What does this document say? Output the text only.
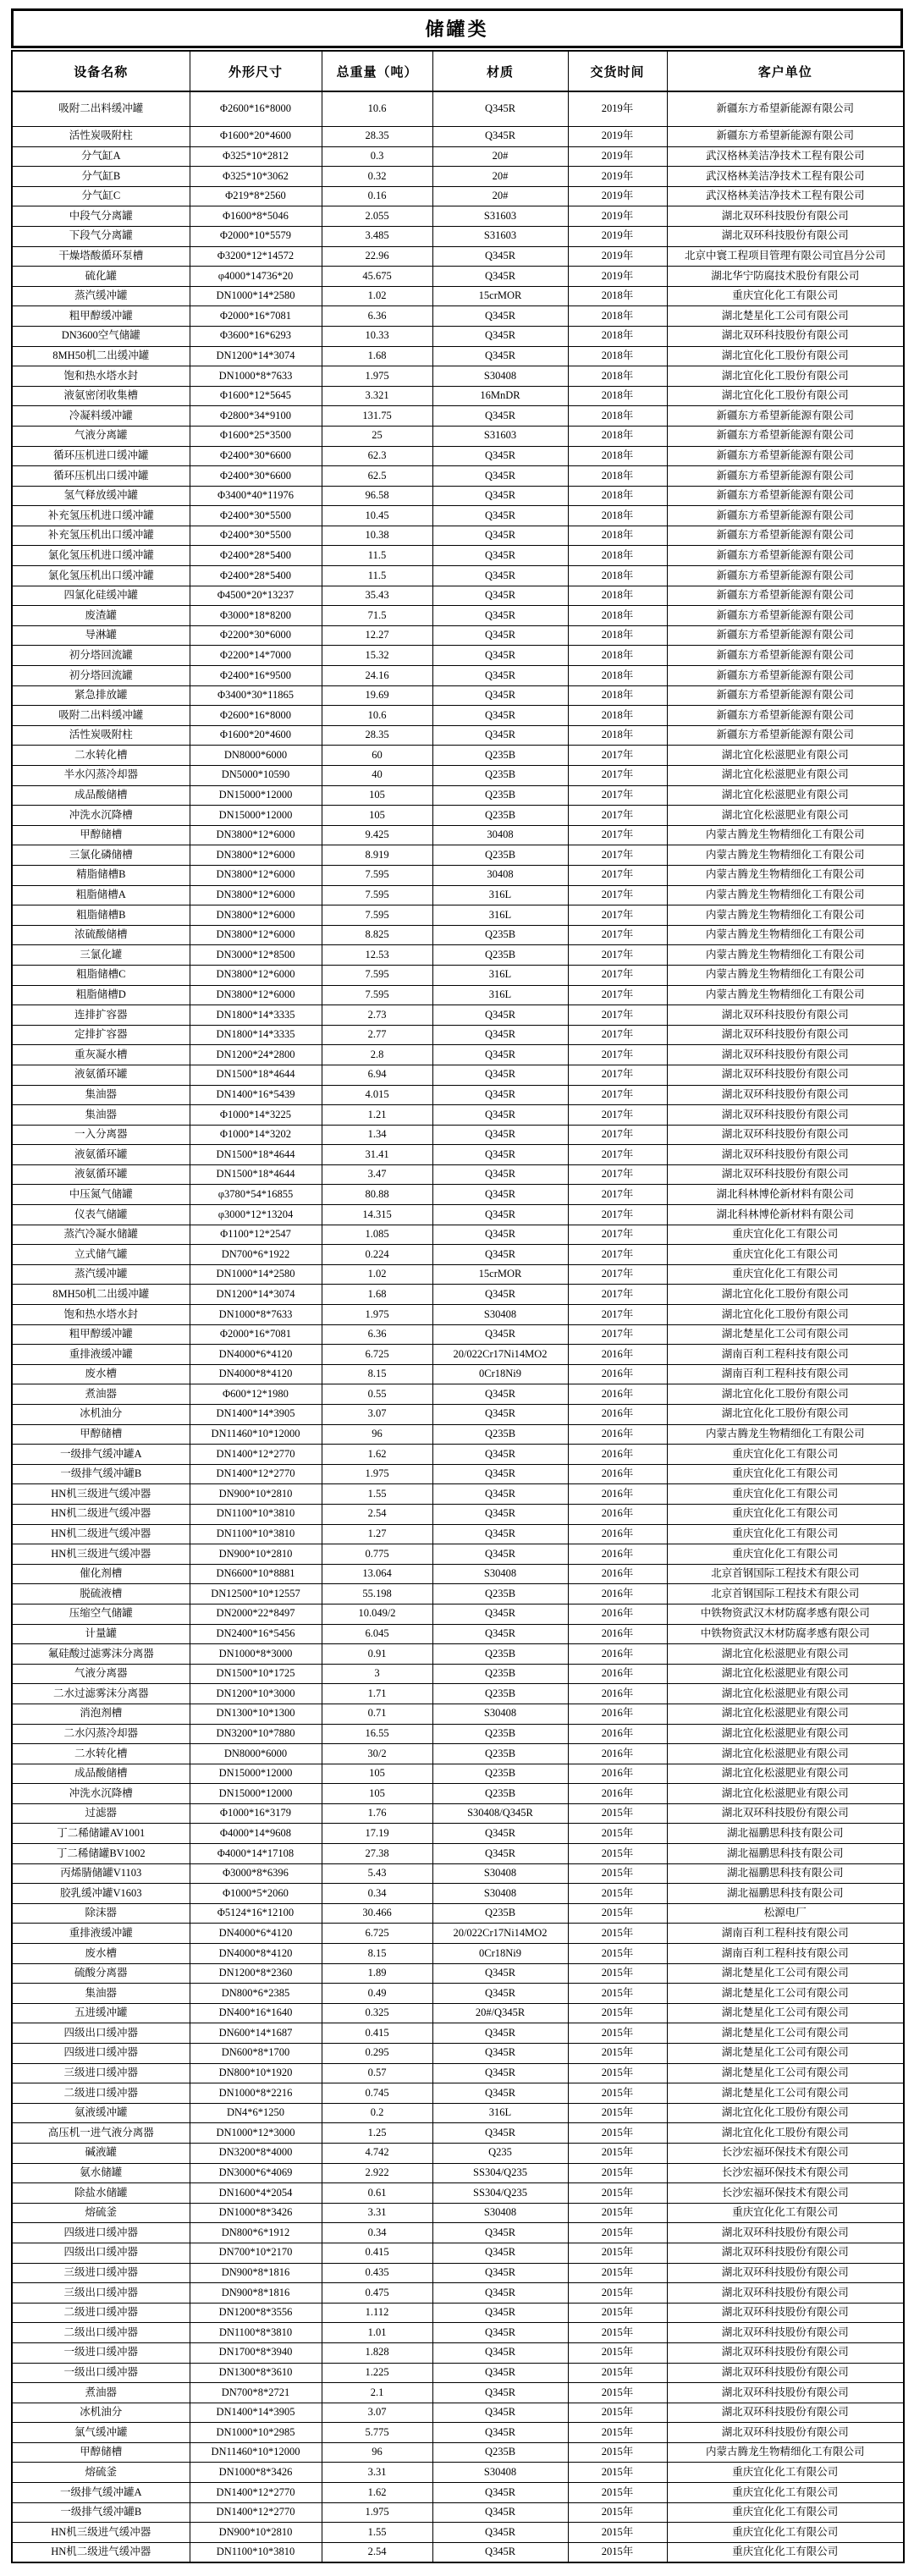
储罐类
设备名称	外形尺寸	总重量（吨）	材质	交货时间	客户单位
吸附二出料缓冲罐	Φ2600*16*8000	10.6	Q345R	2019年	新疆东方希望新能源有限公司
活性炭吸附柱	Φ1600*20*4600	28.35	Q345R	2019年	新疆东方希望新能源有限公司
分气缸A	Φ325*10*2812	0.3	20#	2019年	武汉格林美洁净技术工程有限公司
分气缸B	Φ325*10*3062	0.32	20#	2019年	武汉格林美洁净技术工程有限公司
分气缸C	Φ219*8*2560	0.16	20#	2019年	武汉格林美洁净技术工程有限公司
中段气分离罐	Φ1600*8*5046	2.055	S31603	2019年	湖北双环科技股份有限公司
下段气分离罐	Φ2000*10*5579	3.485	S31603	2019年	湖北双环科技股份有限公司
干燥塔酸循环泵槽	Φ3200*12*14572	22.96	Q345R	2019年	北京中寰工程项目管理有限公司宜昌分公司
硫化罐	φ4000*14736*20	45.675	Q345R	2019年	湖北华宁防腐技术股份有限公司
蒸汽缓冲罐	DN1000*14*2580	1.02	15crMOR	2018年	重庆宜化化工有限公司
粗甲醇缓冲罐	Φ2000*16*7081	6.36	Q345R	2018年	湖北楚星化工公司有限公司
DN3600空气储罐	Φ3600*16*6293	10.33	Q345R	2018年	湖北双环科技股份有限公司
8MH50机二出缓冲罐	DN1200*14*3074	1.68	Q345R	2018年	湖北宜化化工股份有限公司
饱和热水塔水封	DN1000*8*7633	1.975	S30408	2018年	湖北宜化化工股份有限公司
液氨密闭收集槽	Φ1600*12*5645	3.321	16MnDR	2018年	湖北宜化化工股份有限公司
冷凝料缓冲罐	Φ2800*34*9100	131.75	Q345R	2018年	新疆东方希望新能源有限公司
气液分离罐	Φ1600*25*3500	25	S31603	2018年	新疆东方希望新能源有限公司
循环压机进口缓冲罐	Φ2400*30*6600	62.3	Q345R	2018年	新疆东方希望新能源有限公司
循环压机出口缓冲罐	Φ2400*30*6600	62.5	Q345R	2018年	新疆东方希望新能源有限公司
氢气释放缓冲罐	Φ3400*40*11976	96.58	Q345R	2018年	新疆东方希望新能源有限公司
补充氢压机进口缓冲罐	Φ2400*30*5500	10.45	Q345R	2018年	新疆东方希望新能源有限公司
补充氢压机出口缓冲罐	Φ2400*30*5500	10.38	Q345R	2018年	新疆东方希望新能源有限公司
氯化氢压机进口缓冲罐	Φ2400*28*5400	11.5	Q345R	2018年	新疆东方希望新能源有限公司
氯化氢压机出口缓冲罐	Φ2400*28*5400	11.5	Q345R	2018年	新疆东方希望新能源有限公司
四氯化硅缓冲罐	Φ4500*20*13237	35.43	Q345R	2018年	新疆东方希望新能源有限公司
废渣罐	Φ3000*18*8200	71.5	Q345R	2018年	新疆东方希望新能源有限公司
导淋罐	Φ2200*30*6000	12.27	Q345R	2018年	新疆东方希望新能源有限公司
初分塔回流罐	Φ2200*14*7000	15.32	Q345R	2018年	新疆东方希望新能源有限公司
初分塔回流罐	Φ2400*16*9500	24.16	Q345R	2018年	新疆东方希望新能源有限公司
紧急排放罐	Φ3400*30*11865	19.69	Q345R	2018年	新疆东方希望新能源有限公司
吸附二出料缓冲罐	Φ2600*16*8000	10.6	Q345R	2018年	新疆东方希望新能源有限公司
活性炭吸附柱	Φ1600*20*4600	28.35	Q345R	2018年	新疆东方希望新能源有限公司
二水转化槽	DN8000*6000	60	Q235B	2017年	湖北宜化松滋肥业有限公司
半水闪蒸冷却器	DN5000*10590	40	Q235B	2017年	湖北宜化松滋肥业有限公司
成品酸储槽	DN15000*12000	105	Q235B	2017年	湖北宜化松滋肥业有限公司
冲洗水沉降槽	DN15000*12000	105	Q235B	2017年	湖北宜化松滋肥业有限公司
甲醇储槽	DN3800*12*6000	9.425	30408	2017年	内蒙古腾龙生物精细化工有限公司
三氯化磷储槽	DN3800*12*6000	8.919	Q235B	2017年	内蒙古腾龙生物精细化工有限公司
精脂储槽B	DN3800*12*6000	7.595	30408	2017年	内蒙古腾龙生物精细化工有限公司
粗脂储槽A	DN3800*12*6000	7.595	316L	2017年	内蒙古腾龙生物精细化工有限公司
粗脂储槽B	DN3800*12*6000	7.595	316L	2017年	内蒙古腾龙生物精细化工有限公司
浓硫酸储槽	DN3800*12*6000	8.825	Q235B	2017年	内蒙古腾龙生物精细化工有限公司
三氯化罐	DN3000*12*8500	12.53	Q235B	2017年	内蒙古腾龙生物精细化工有限公司
粗脂储槽C	DN3800*12*6000	7.595	316L	2017年	内蒙古腾龙生物精细化工有限公司
粗脂储槽D	DN3800*12*6000	7.595	316L	2017年	内蒙古腾龙生物精细化工有限公司
连排扩容器	DN1800*14*3335	2.73	Q345R	2017年	湖北双环科技股份有限公司
定排扩容器	DN1800*14*3335	2.77	Q345R	2017年	湖北双环科技股份有限公司
重灰凝水槽	DN1200*24*2800	2.8	Q345R	2017年	湖北双环科技股份有限公司
液氨循环罐	DN1500*18*4644	6.94	Q345R	2017年	湖北双环科技股份有限公司
集油器	DN1400*16*5439	4.015	Q345R	2017年	湖北双环科技股份有限公司
集油器	Φ1000*14*3225	1.21	Q345R	2017年	湖北双环科技股份有限公司
一入分离器	Φ1000*14*3202	1.34	Q345R	2017年	湖北双环科技股份有限公司
液氨循环罐	DN1500*18*4644	31.41	Q345R	2017年	湖北双环科技股份有限公司
液氨循环罐	DN1500*18*4644	3.47	Q345R	2017年	湖北双环科技股份有限公司
中压氮气储罐	φ3780*54*16855	80.88	Q345R	2017年	湖北科林博伦新材料有限公司
仪表气储罐	φ3000*12*13204	14.315	Q345R	2017年	湖北科林博伦新材料有限公司
蒸汽冷凝水储罐	Φ1100*12*2547	1.085	Q345R	2017年	重庆宜化化工有限公司
立式储气罐	DN700*6*1922	0.224	Q345R	2017年	重庆宜化化工有限公司
蒸汽缓冲罐	DN1000*14*2580	1.02	15crMOR	2017年	重庆宜化化工有限公司
8MH50机二出缓冲罐	DN1200*14*3074	1.68	Q345R	2017年	湖北宜化化工股份有限公司
饱和热水塔水封	DN1000*8*7633	1.975	S30408	2017年	湖北宜化化工股份有限公司
粗甲醇缓冲罐	Φ2000*16*7081	6.36	Q345R	2017年	湖北楚星化工公司有限公司
重排液缓冲罐	DN4000*6*4120	6.725	20/022Cr17Ni14MO2	2016年	湖南百利工程科技有限公司
废水槽	DN4000*8*4120	8.15	0Cr18Ni9	2016年	湖南百利工程科技有限公司
煮油器	Φ600*12*1980	0.55	Q345R	2016年	湖北宜化化工股份有限公司
冰机油分	DN1400*14*3905	3.07	Q345R	2016年	湖北宜化化工股份有限公司
甲醇储槽	DN11460*10*12000	96	Q235B	2016年	内蒙古腾龙生物精细化工有限公司
一级排气缓冲罐A	DN1400*12*2770	1.62	Q345R	2016年	重庆宜化化工有限公司
一级排气缓冲罐B	DN1400*12*2770	1.975	Q345R	2016年	重庆宜化化工有限公司
HN机三级进气缓冲器	DN900*10*2810	1.55	Q345R	2016年	重庆宜化化工有限公司
HN机二级进气缓冲器	DN1100*10*3810	2.54	Q345R	2016年	重庆宜化化工有限公司
HN机二级进气缓冲器	DN1100*10*3810	1.27	Q345R	2016年	重庆宜化化工有限公司
HN机三级进气缓冲器	DN900*10*2810	0.775	Q345R	2016年	重庆宜化化工有限公司
催化剂槽	DN6600*10*8881	13.064	S30408	2016年	北京首钢国际工程技术有限公司
脱硫液槽	DN12500*10*12557	55.198	Q235B	2016年	北京首钢国际工程技术有限公司
压缩空气储罐	DN2000*22*8497	10.049/2	Q345R	2016年	中铁物资武汉木材防腐孝感有限公司
计量罐	DN2400*16*5456	6.045	Q345R	2016年	中铁物资武汉木材防腐孝感有限公司
氟硅酸过滤雾沫分离器	DN1000*8*3000	0.91	Q235B	2016年	湖北宜化松滋肥业有限公司
气液分离器	DN1500*10*1725	3	Q235B	2016年	湖北宜化松滋肥业有限公司
二水过滤雾沫分离器	DN1200*10*3000	1.71	Q235B	2016年	湖北宜化松滋肥业有限公司
消泡剂槽	DN1300*10*1300	0.71	S30408	2016年	湖北宜化松滋肥业有限公司
二水闪蒸冷却器	DN3200*10*7880	16.55	Q235B	2016年	湖北宜化松滋肥业有限公司
二水转化槽	DN8000*6000	30/2	Q235B	2016年	湖北宜化松滋肥业有限公司
成品酸储槽	DN15000*12000	105	Q235B	2016年	湖北宜化松滋肥业有限公司
冲洗水沉降槽	DN15000*12000	105	Q235B	2016年	湖北宜化松滋肥业有限公司
过滤器	Φ1000*16*3179	1.76	S30408/Q345R	2015年	湖北双环科技股份有限公司
丁二稀储罐AV1001	Φ4000*14*9608	17.19	Q345R	2015年	湖北福鹏思科技有限公司
丁二稀储罐BV1002	Φ4000*14*17108	27.38	Q345R	2015年	湖北福鹏思科技有限公司
丙烯腈储罐V1103	Φ3000*8*6396	5.43	S30408	2015年	湖北福鹏思科技有限公司
胶乳缓冲罐V1603	Φ1000*5*2060	0.34	S30408	2015年	湖北福鹏思科技有限公司
除沫器	Φ5124*16*12100	30.466	Q235B	2015年	松源电厂
重排液缓冲罐	DN4000*6*4120	6.725	20/022Cr17Ni14MO2	2015年	湖南百利工程科技有限公司
废水槽	DN4000*8*4120	8.15	0Cr18Ni9	2015年	湖南百利工程科技有限公司
硫酸分离器	DN1200*8*2360	1.89	Q345R	2015年	湖北楚星化工公司有限公司
集油器	DN800*6*2385	0.49	Q345R	2015年	湖北楚星化工公司有限公司
五进缓冲罐	DN400*16*1640	0.325	20#/Q345R	2015年	湖北楚星化工公司有限公司
四级出口缓冲器	DN600*14*1687	0.415	Q345R	2015年	湖北楚星化工公司有限公司
四级进口缓冲器	DN600*8*1700	0.295	Q345R	2015年	湖北楚星化工公司有限公司
三级进口缓冲器	DN800*10*1920	0.57	Q345R	2015年	湖北楚星化工公司有限公司
二级进口缓冲器	DN1000*8*2216	0.745	Q345R	2015年	湖北楚星化工公司有限公司
氨液缓冲罐	DN4*6*1250	0.2	316L	2015年	湖北宜化化工股份有限公司
高压机一进气液分离器	DN1000*12*3000	1.25	Q345R	2015年	湖北宜化化工股份有限公司
碱液罐	DN3200*8*4000	4.742	Q235	2015年	长沙宏福环保技术有限公司
氨水储罐	DN3000*6*4069	2.922	SS304/Q235	2015年	长沙宏福环保技术有限公司
除盐水储罐	DN1600*4*2054	0.61	SS304/Q235	2015年	长沙宏福环保技术有限公司
熔硫釜	DN1000*8*3426	3.31	S30408	2015年	重庆宜化化工有限公司
四级进口缓冲器	DN800*6*1912	0.34	Q345R	2015年	湖北双环科技股份有限公司
四级出口缓冲器	DN700*10*2170	0.415	Q345R	2015年	湖北双环科技股份有限公司
三级进口缓冲器	DN900*8*1816	0.435	Q345R	2015年	湖北双环科技股份有限公司
三级出口缓冲器	DN900*8*1816	0.475	Q345R	2015年	湖北双环科技股份有限公司
二级进口缓冲器	DN1200*8*3556	1.112	Q345R	2015年	湖北双环科技股份有限公司
二级出口缓冲器	DN1100*8*3810	1.01	Q345R	2015年	湖北双环科技股份有限公司
一级进口缓冲器	DN1700*8*3940	1.828	Q345R	2015年	湖北双环科技股份有限公司
一级出口缓冲器	DN1300*8*3610	1.225	Q345R	2015年	湖北双环科技股份有限公司
煮油器	DN700*8*2721	2.1	Q345R	2015年	湖北双环科技股份有限公司
冰机油分	DN1400*14*3905	3.07	Q345R	2015年	湖北双环科技股份有限公司
氯气缓冲罐	DN1000*10*2985	5.775	Q345R	2015年	湖北双环科技股份有限公司
甲醇储槽	DN11460*10*12000	96	Q235B	2015年	内蒙古腾龙生物精细化工有限公司
熔硫釜	DN1000*8*3426	3.31	S30408	2015年	重庆宜化化工有限公司
一级排气缓冲罐A	DN1400*12*2770	1.62	Q345R	2015年	重庆宜化化工有限公司
一级排气缓冲罐B	DN1400*12*2770	1.975	Q345R	2015年	重庆宜化化工有限公司
HN机三级进气缓冲器	DN900*10*2810	1.55	Q345R	2015年	重庆宜化化工有限公司
HN机二级进气缓冲器	DN1100*10*3810	2.54	Q345R	2015年	重庆宜化化工有限公司
